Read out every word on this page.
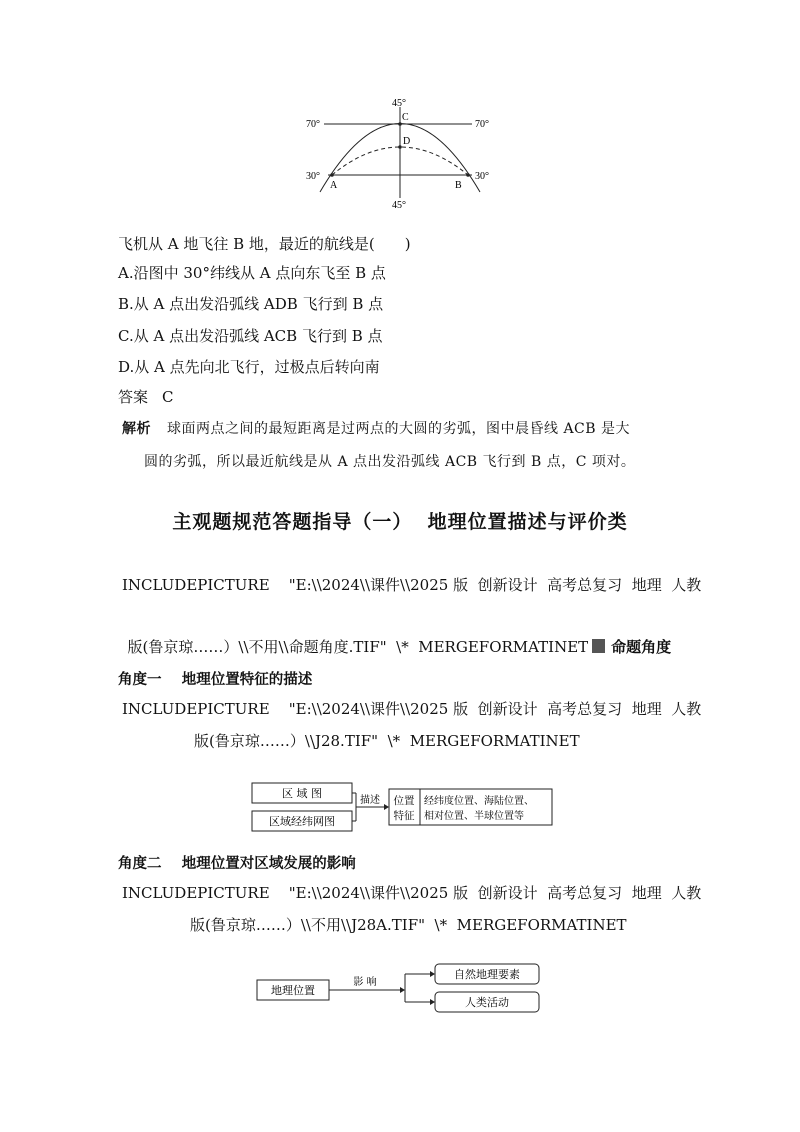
45°
C
D
70°	70°
30°	30°
A	B
45°
飞机从 A 地飞往 B 地，最近的航线是(　　)
A.沿图中 30°纬线从 A 点向东飞至 B 点
B.从 A 点出发沿弧线 ADB 飞行到 B 点
C.从 A 点出发沿弧线 ACB 飞行到 B 点
D.从 A 点先向北飞行，过极点后转向南
答案 C
解析 球面两点之间的最短距离是过两点的大圆的劣弧，图中晨昏线 ACB 是大
圆的劣弧，所以最近航线是从 A 点出发沿弧线 ACB 飞行到 B 点，C 项对。
主观题规范答题指导（一）  地理位置描述与评价类
INCLUDEPICTURE    "E:\\2024\\课件\\2025 版  创新设计  高考总复习  地理  人教

版(鲁京琼……）\\不用\\命题角度.TIF"  \*  MERGEFORMATINET 命题角度

角度一    地理位置特征的描述
INCLUDEPICTURE    "E:\\2024\\课件\\2025 版  创新设计  高考总复习  地理  人教
版(鲁京琼……）\\J28.TIF"  \*  MERGEFORMATINET
区 域 图
区域经纬网图
描述 位置
特征
经纬度位置、海陆位置、
相对位置、半球位置等
角度二    地理位置对区域发展的影响
INCLUDEPICTURE    "E:\\2024\\课件\\2025 版  创新设计  高考总复习  地理  人教
版(鲁京琼……）\\不用\\J28A.TIF"  \*  MERGEFORMATINET
地理位置
影 响
自然地理要素
人类活动
